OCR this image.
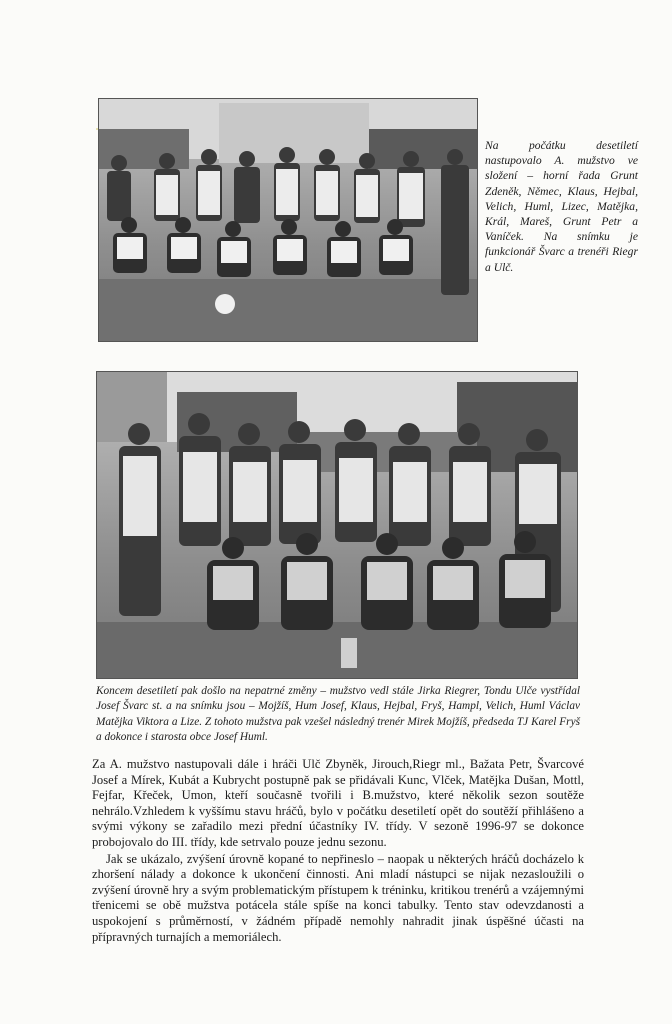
Na počátku desetiletí nastupovalo A. mužstvo ve složení – horní řada Grunt Zdeněk, Němec, Klaus, Hejbal, Velich, Huml, Lizec, Matějka, Král, Mareš, Grunt Petr a Vaníček. Na snímku je funkcionář Švarc a trenéři Riegr a Ulč.

Koncem desetiletí pak došlo na nepatrné změny – mužstvo vedl stále Jirka Riegrer, Tondu Ulče vystřídal Josef Švarc st. a na snímku jsou – Mojžíš, Hum Josef, Klaus, Hejbal, Fryš, Hampl, Velich, Huml Václav Matějka Viktora a Lize. Z tohoto mužstva pak vzešel následný trenér Mirek Mojžíš, předseda TJ Karel Fryš a dokonce i starosta obce Josef Huml.

Za A. mužstvo nastupovali dále i hráči Ulč Zbyněk, Jirouch,Riegr ml., Bažata Petr, Švarcové Josef a Mírek, Kubát a Kubrycht postupně pak se přidávali Kunc, Vlček, Matějka Dušan, Mottl, Fejfar, Křeček, Umon, kteří současně tvořili i B.mužstvo, které několik sezon soutěže nehrálo.Vzhledem k vyššímu stavu hráčů, bylo v počátku desetiletí opět do soutěží přihlášeno a svými výkony se zařadilo mezi přední účastníky IV. třídy. V sezoně 1996-97 se dokonce probojovalo do III. třídy, kde setrvalo pouze jednu sezonu.

Jak se ukázalo, zvýšení úrovně kopané to nepřineslo – naopak u některých hráčů docházelo k zhoršení nálady a dokonce k ukončení činnosti. Ani mladí nástupci se nijak nezasloužili o zvýšení úrovně hry a svým problematickým přístupem k tréninku, kritikou trenérů a vzájemnými třenicemi se obě mužstva potácela stále spíše na konci tabulky. Tento stav odevzdanosti a uspokojení s průměrností, v žádném případě nemohly nahradit jinak úspěšné účasti na přípravných turnajích a memoriálech.
